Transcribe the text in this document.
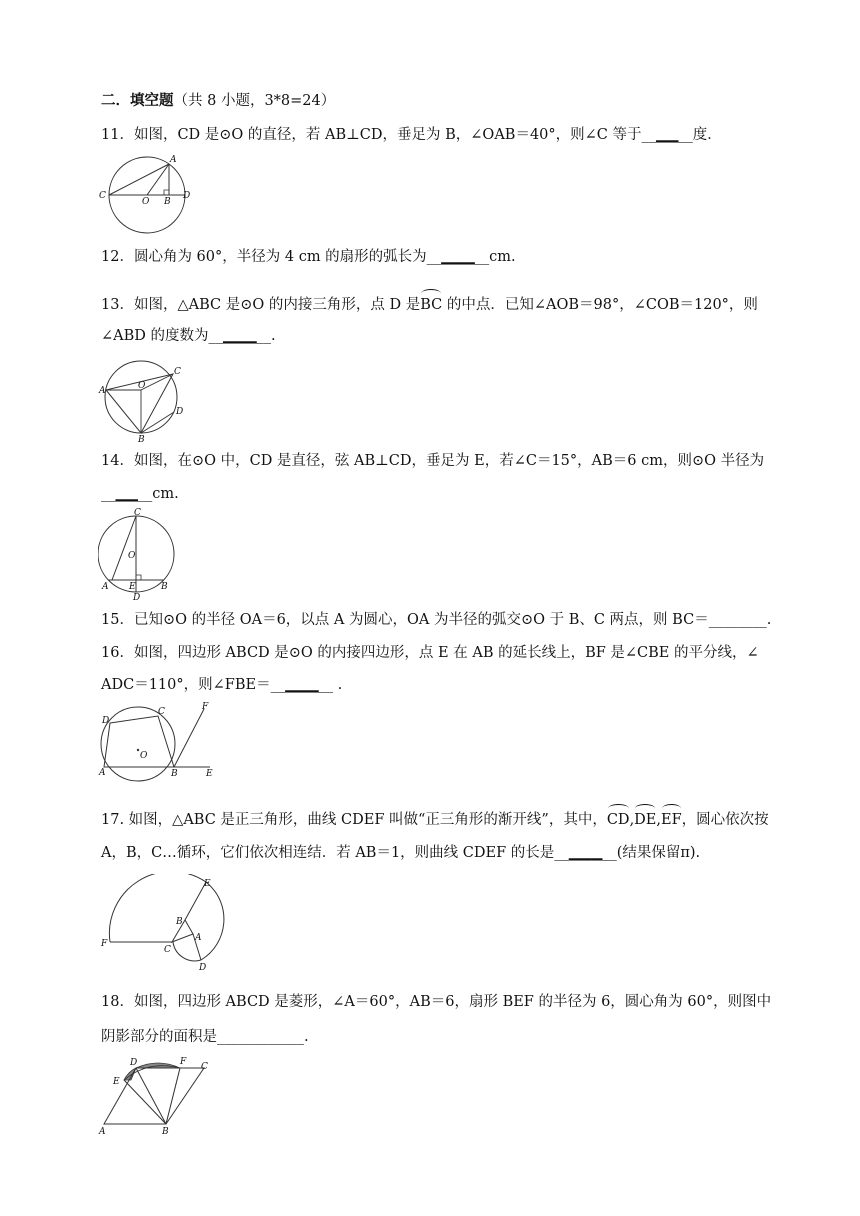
二．填空题（共 8 小题，3*8=24）
11．如图，CD 是⊙O 的直径，若 AB⊥CD，垂足为 B，∠OAB＝40°，则∠C 等于__▁▁__度．
A
C
O B
D
12．圆心角为 60°，半径为 4 cm 的扇形的弧长为__▁▁▁__cm.
13．如图，△ABC 是⊙O 的内接三角形，点 D 是BC 的中点．已知∠AOB＝98°，∠COB＝120°，则
∠ABD 的度数为__▁▁▁__.
A	O
C
D
B
14．如图，在⊙O 中，CD 是直径，弦 AB⊥CD，垂足为 E，若∠C＝15°，AB＝6 cm，则⊙O 半径为
__▁▁__cm.
C
O
A E	B
D
15．已知⊙O 的半径 OA＝6，以点 A 为圆心，OA 为半径的弧交⊙O 于 B、C 两点，则 BC＝________.
16．如图，四边形 ABCD 是⊙O 的内接四边形，点 E 在 AB 的延长线上，BF 是∠CBE 的平分线，∠
ADC＝110°，则∠FBE＝__▁▁▁__ .
D
C
O
A	B	E
F
17. 如图，△ABC 是正三角形，曲线 CDEF 叫做“正三角形的渐开线”，其中，CD,DE,EF，圆心依次按
A，B，C…循环，它们依次相连结．若 AB＝1，则曲线 CDEF 的长是__▁▁▁__(结果保留π).
E
B
A
F
C
D
18．如图，四边形 ABCD 是菱形，∠A＝60°，AB＝6，扇形 BEF 的半径为 6，圆心角为 60°，则图中
阴影部分的面积是____________.
D	F C
E
A	B
